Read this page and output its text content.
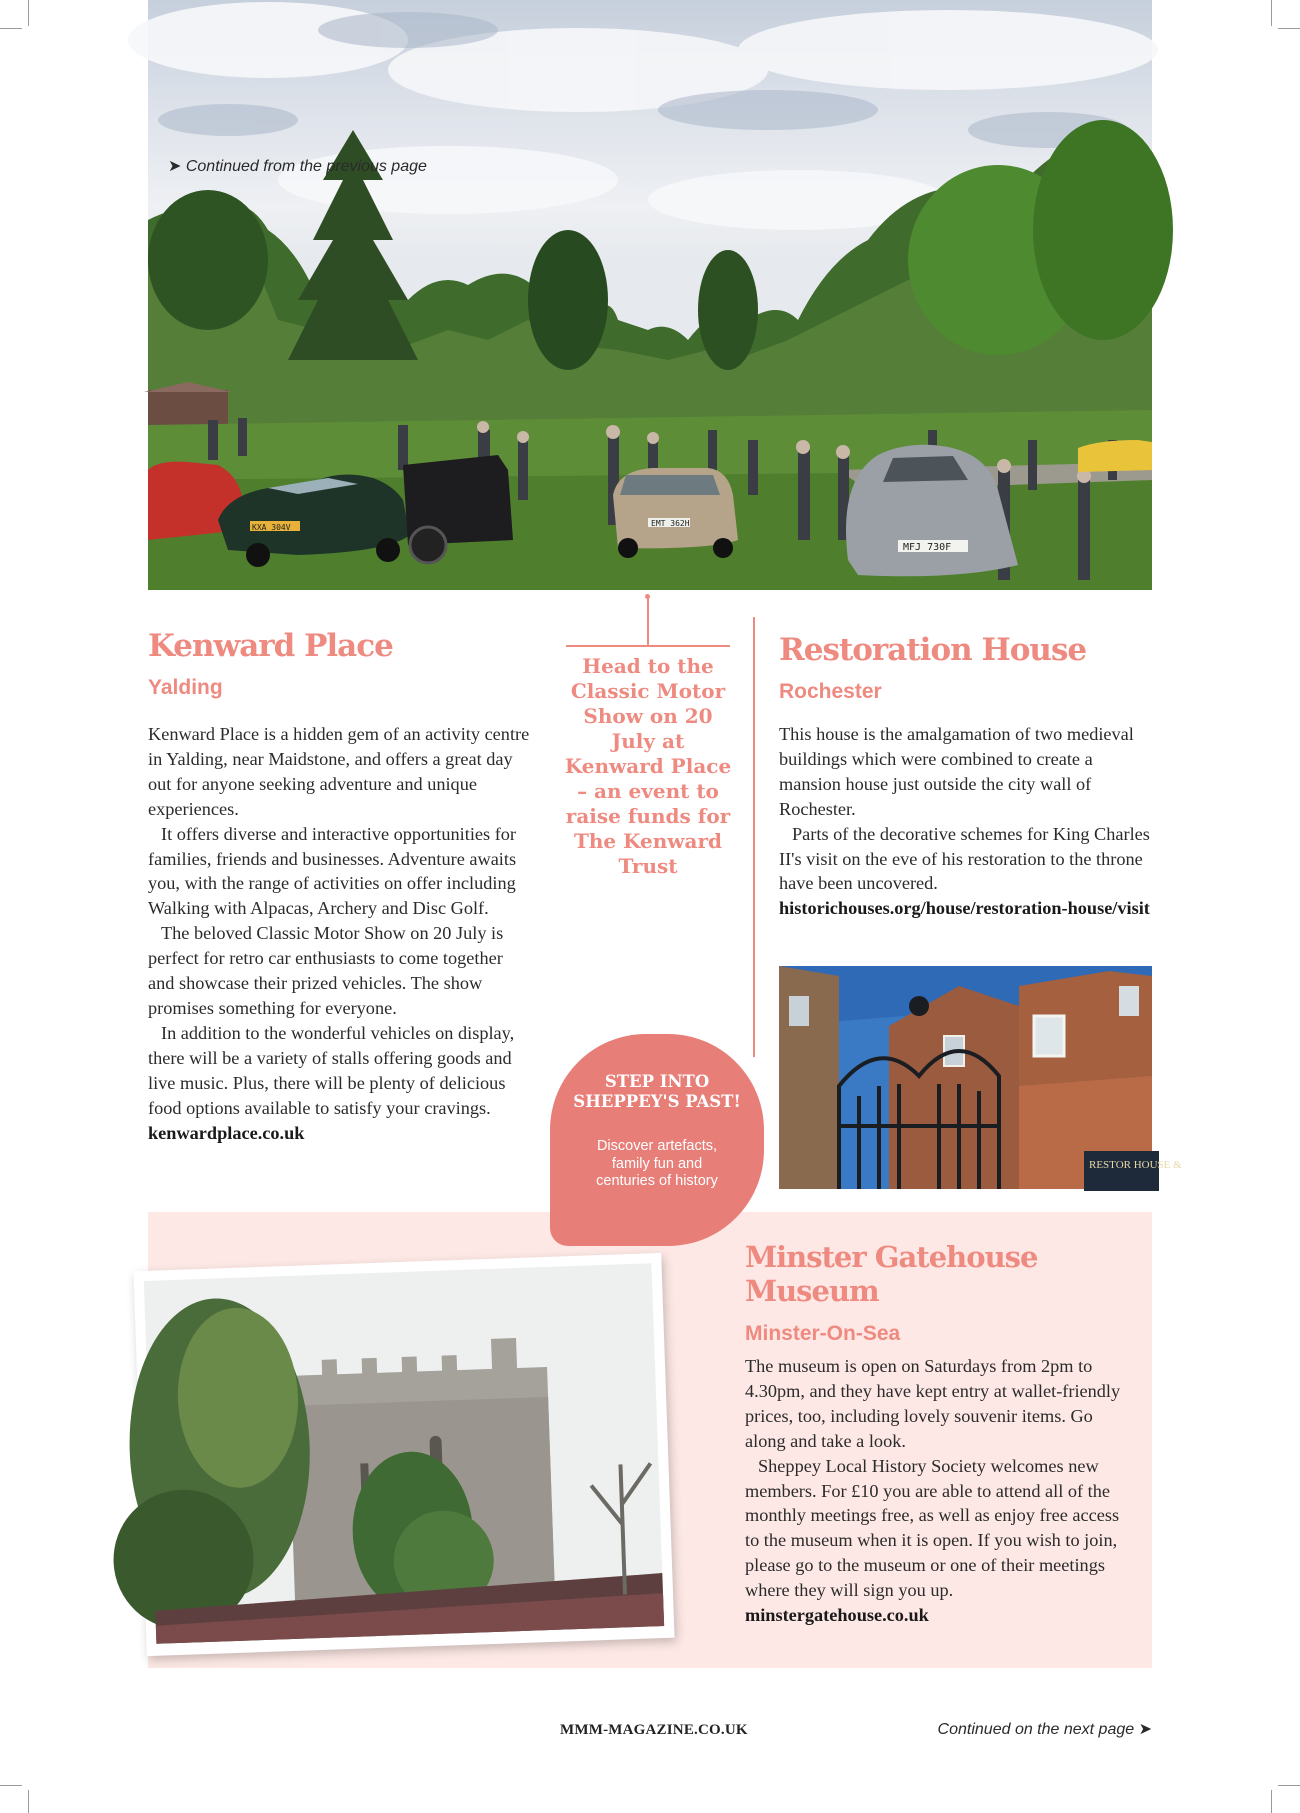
KXA 304V	EMT 362H
MFJ 730F
➤ Continued from the previous page
Kenward Place
Yalding

Kenward Place is a hidden gem of an activity centre in Yalding, near Maidstone, and offers a great day out for anyone seeking adventure and unique experiences.

It offers diverse and interactive opportunities for families, friends and businesses. Adventure awaits you, with the range of activities on offer including Walking with Alpacas, Archery and Disc Golf.

The beloved Classic Motor Show on 20 July is perfect for retro car enthusiasts to come together and showcase their prized vehicles. The show promises something for everyone.

In addition to the wonderful vehicles on display, there will be a variety of stalls offering goods and live music. Plus, there will be plenty of delicious food options available to satisfy your cravings.

kenwardplace.co.uk

Head to the Classic Motor Show on 20 July at Kenward Place – an event to raise funds for The Kenward Trust

Restoration House
Rochester

This house is the amalgamation of two medieval buildings which were combined to create a mansion house just outside the city wall of Rochester.

Parts of the decorative schemes for King Charles II's visit on the eve of his restoration to the throne have been uncovered.

historichouses.org/house/restoration-house/visit

RESTOR HOUSE &

STEP INTO SHEPPEY'S PAST!

Discover artefacts, family fun and centuries of history

Minster Gatehouse Museum
Minster-On-Sea

The museum is open on Saturdays from 2pm to 4.30pm, and they have kept entry at wallet-friendly prices, too, including lovely souvenir items. Go along and take a look.

Sheppey Local History Society welcomes new members. For £10 you are able to attend all of the monthly meetings free, as well as enjoy free access to the museum when it is open. If you wish to join, please go to the museum or one of their meetings where they will sign you up.

minstergatehouse.co.uk

MMM-MAGAZINE.CO.UK	Continued on the next page ➤
